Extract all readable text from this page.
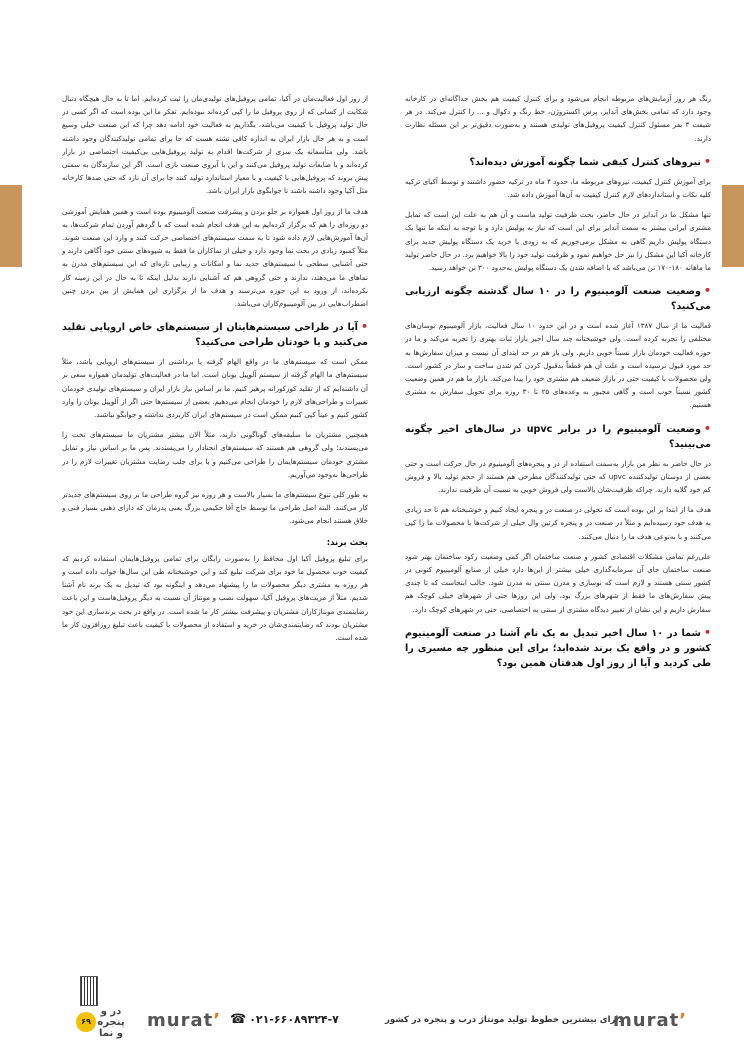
رنگ هر روز آزمایش‌های مربوطه انجام می‌شود و برای کنترل کیفیت هم بخش جداگانه‌ای در کارخانه وجود دارد که تمامی بخش‌های آندایز، پرس اکستروژن، خط رنگ و دکوال و ... را کنترل می‌کند. در هر شیفت ۳ نفر مسئول کنترل کیفیت پروفیل‌های تولیدی هستند و به‌صورت دقیق‌تر بر این مسئله نظارت دارند.

•نیروهای کنترل کیفی شما چگونه آموزش دیده‌اند؟

برای آموزش کنترل کیفیت، نیروهای مربوطه ما، حدود ۴ ماه در ترکیه حضور داشتند و توسط آکیای ترکیه کلیه نکات و استانداردهای لازم کنترل کیفیت به آن‌ها آموزش داده شد.

تنها مشکل ما در آندایز در حال حاضر، بحث ظرفیت تولید ماست و آن هم به علت این است که تمایل مشتری ایرانی بیشتر به سمت آندایز برای این است که نیاز به پولیش دارد و با توجه به اینکه ما تنها یک دستگاه پولیش داریم گاهی به مشکل برمی‌خوریم که به زودی با خرید یک دستگاه پولیش جدید برای کارخانه آکیا این مشکل را نیز حل خواهیم نمود و ظرفیت تولید خود را بالا خواهیم برد. در حال حاضر تولید ما ماهانه ۱۸۰-۱۷۰ تن می‌باشد که با اضافه شدن یک دستگاه پولیش به‌حدود ۳۰۰ تن خواهد رسید.

•وضعیت صنعت آلومینیوم را در ۱۰ سال گذشته چگونه ارزیابی می‌کنید؟

فعالیت ما از سال ۱۳۸۷ آغاز شده است و در این حدود ۱۰ سال فعالیت، بازار آلومینیوم نوسان‌های مختلفی را تجربه کرده است. ولی خوشبختانه چند سال اخیر بازار ثبات بهتری را تجربه می‌کند و ما در حوزه فعالیت خودمان بازار نسبتاً خوبی داریم. ولی باز هم در حد ابتدای آن نیست و میزان سفارش‌ها به حد مورد قبول نرسیده است و علت آن هم قطعاً بدقبول کردن کم شدن ساخت و ساز در کشور است. ولی محصولات با کیفیت حتی در بازار ضعیف هم مشتری خود را پیدا می‌کند. بازار ما هم در همین وضعیت کشور نسبتاً خوب است و گاهی مجبور به وعده‌های ۲۵ تا ۳۰ روزه برای تحویل سفارش به مشتری هستیم.

•وضعیت آلومینیوم را در برابر upvc در سال‌های اخیر چگونه می‌بینید؟

در حال حاضر به نظر من بازار به‌سمت استفاده از در و پنجره‌های آلومینیوم در حال حرکت است و حتی بعضی از دوستان تولیدکننده upvc که حتی تولیدکنندگان مطرحی هم هستند از حجم تولید بالا و فروش کم خود گلایه دارند. چراکه ظرفیت‌شان بالاست ولی فروش خوبی به نسبت آن ظرفیت ندارند.

هدف ما از ابتدا بر این بوده است که تحولی در صنعت در و پنجره ایجاد کنیم و خوشبختانه هم تا حد زیادی به هدف خود رسیده‌ایم و مثلاً در صنعت در و پنجره کرتین وال خیلی از شرکت‌ها با محصولات ما را کپی می‌کنند و با به‌نوعی هدف ما را دنبال می‌کنند.

علی‌رغم تمامی مشکلات اقتصادی کشور و صنعت ساختمان اگر کمی وضعیت رکود ساختمان بهتر شود صنعت ساختمان جای آن سرمایه‌گذاری خیلی بیشتر از این‌ها دارد خیلی از صنایع آلومینیوم کنونی در کشور سنتی هستند و لازم است که نوسازی و مدرن سنتی به مدرن شود. جالب اینجاست که تا چندی پیش سفارش‌های ما فقط از شهرهای بزرگ بود، ولی این روزها حتی از شهرهای خیلی کوچک هم سفارش داریم و این نشان از تغییر دیدگاه مشتری از سنتی به اختصاصی، حتی در شهرهای کوچک دارد.

•شما در ۱۰ سال اخیر تبدیل به یک نام آشنا در صنعت آلومینیوم کشور و در واقع یک برند شده‌اید؛ برای این منظور چه مسیری را طی کردید و آیا از روز اول هدفتان همین بود؟

از روز اول فعالیت‌مان در آکیا، تمامی پروفیل‌های تولیدی‌مان را ثبت کرده‌ایم. اما تا به حال هیچگاه دنبال شکایت از کسانی که از روی پروفیل ما را کپی کرده‌اند نبوده‌ایم. تفکر ما این بوده است که اگر کسی در حال تولید پروفیل با کیفیت می‌باشد، بگذاریم به فعالیت خود ادامه دهد چرا که این صنعت خیلی وسیع است و به هر حال بازار ایران به اندازه کافی تشنه هست که جا برای تمامی تولیدکنندگان وجود داشته باشد. ولی متأسفانه یک سری از شرکت‌ها اقدام به تولید پروفیل‌هایی بی‌کیفیت اختصاصی در بازار کرده‌اند و با ضایعات تولید پروفیل می‌کنند و این با آبروی صنعت بازی است. اگر این سازندگان به سمتی پیش بروند که پروفیل‌هایی با کیفیت و با معیار استاندارد تولید کنند جا برای آن نازد که حتی صدها کارخانه مثل آکیا وجود داشته باشند تا جوابگوی بازار ایران باشد.

هدف ما از روز اول همواره بر جلو بردن و پیشرفت صنعت آلومینیوم بوده است و همین همایش آموزشی دو روزه‌ای را هم که برگزار کرده‌ایم به این هدف انجام شده است که با گردهم آوردن تمام شرکت‌ها، به آن‌ها آموزش‌هایی لازم داده شود تا به سمت سیستم‌های اختصاصی حرکت کنند و وارد این صنعت شوند. مثلاً کمبود زیادی در بحث نما وجود دارد و خیلی از نماکاران ما فقط به شیوه‌های سنتی خود آگاهی دارند و حتی آشنایی سطحی با سیستم‌های جدید نما و امکانات و زیبایی تازه‌ای که این سیستم‌های مدرن به نماهای ما می‌دهند، ندارند و حتی گروهی هم که آشنایی دارند بدلیل اینکه تا به حال در این زمینه کار نکرده‌اند، از ورود به این حوزه می‌ترسند و هدف ما از برگزاری این همایش از بین بردن چنین اضطراب‌هایی در بین آلومینیوم‌کاران می‌باشد.

•آیا در طراحی سیستم‌هایتان از سیستم‌های خاص اروپایی تقلید می‌کنید و یا خودتان طراحی می‌کنید؟

ممکن است که سیستم‌های ما در واقع الهام گرفته یا برداشتی از سیستم‌های اروپایی باشد، مثلاً سیستم‌های ما الهام گرفته از سیستم آلوپیل یونان است. اما ما در فعالیت‌های تولیدمان همواره سعی بر آن داشته‌ایم که از تقلید کورکورانه پرهیز کنیم. ما بر اساس نیاز بازار ایران و سیستم‌های تولیدی خودمان تغییرات و طراحی‌های لازم را خودمان انجام می‌دهیم. بعضی از سیستم‌ها حتی اگر از آلوپیل یونان را وارد کشور کنیم و عیناً کپی کنیم ممکن است در سیستم‌های ایران کاربردی نداشته و جوابگو نباشند.

همچنین مشتریان ما سلیقه‌های گوناگونی دارند، مثلاً الان بیشتر مشتریان ما سیستم‌های تخت را می‌پسندند؛ ولی گروهی هم هستند که سیستم‌های انحنادار را می‌پسندند. پس ما بر اساس نیاز و تمایل مشتری خودمان سیستم‌هایمان را طراحی می‌کنیم و یا برای جلب رضایت مشتریان تغییرات لازم را در طراحی‌ها به‌وجود می‌آوریم.

به طور کلی تنوع سیستم‌های ما بسیار بالاست و هر روزه نیز گروه طراحی ما بر روی سیستم‌های جدیدتر کار می‌کنند. البته اصل طراحی ما توسط حاج آقا حکیمی بزرگ یعنی پدرمان که دارای ذهنی بسیار فنی و خلاق هستند انجام می‌شود.

بحث برند:

برای تبلیغ پروفیل آکیا اول محافظ را به‌صورت رایگان برای تمامی پروفیل‌هایمان استفاده کردیم که کیفیت خوب محصول ما خود برای شرکت تبلیغ کند و این خوشبختانه طی این سال‌ها جواب داده است و هر روزه به مشتری دیگر محصولات ما را پیشنهاد می‌دهد و اینگونه بود که تبدیل به یک برند نام آشنا شدیم. مثلاً از مزیت‌های پروفیل آکیا، سهولت نصب و مونتاژ آن نسبت به دیگر پروفیل‌هاست و این باعث رضایتمندی مونتاژکاران مشتریان و پیشرفت بیشتر کار ما شده است. در واقع در بحث برندسازی این خود مشتریان بودند که رضایتمندی‌شان در خرید و استفاده از محصولات با کیفیت باعث تبلیغ روزافزون کار ما شده است.

۶۹
در و پنجره
و نما
muratʼ ☎ ۰۲۱-۶۶۰۸۹۳۲۴-۷	دارای بیشترین خطوط تولید مونتاژ درب و پنجره در کشور
muratʼ
